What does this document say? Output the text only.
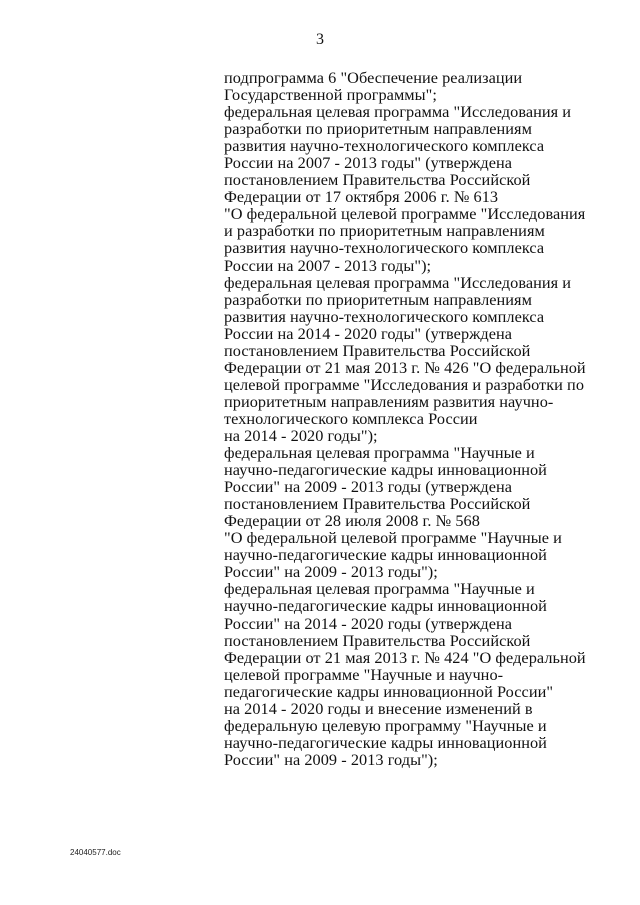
3
подпрограмма 6 "Обеспечение реализации
Государственной программы";
федеральная целевая программа "Исследования и
разработки по приоритетным направлениям
развития научно-технологического комплекса
России на 2007 - 2013 годы" (утверждена
постановлением Правительства Российской
Федерации от 17 октября 2006 г. № 613
"О федеральной целевой программе "Исследования
и разработки по приоритетным направлениям
развития научно-технологического комплекса
России на 2007 - 2013 годы");
федеральная целевая программа "Исследования и
разработки по приоритетным направлениям
развития научно-технологического комплекса
России на 2014 - 2020 годы" (утверждена
постановлением Правительства Российской
Федерации от 21 мая 2013 г. № 426 "О федеральной
целевой программе "Исследования и разработки по
приоритетным направлениям развития научно-
технологического комплекса России
на 2014 - 2020 годы");
федеральная целевая программа "Научные и
научно-педагогические кадры инновационной
России" на 2009 - 2013 годы (утверждена
постановлением Правительства Российской
Федерации от 28 июля 2008 г. № 568
"О федеральной целевой программе "Научные и
научно-педагогические кадры инновационной
России" на 2009 - 2013 годы");
федеральная целевая программа "Научные и
научно-педагогические кадры инновационной
России" на 2014 - 2020 годы (утверждена
постановлением Правительства Российской
Федерации от 21 мая 2013 г. № 424 "О федеральной
целевой программе "Научные и научно-
педагогические кадры инновационной России"
на 2014 - 2020 годы и внесение изменений в
федеральную целевую программу "Научные и
научно-педагогические кадры инновационной
России" на 2009 - 2013 годы");
24040577.doc
